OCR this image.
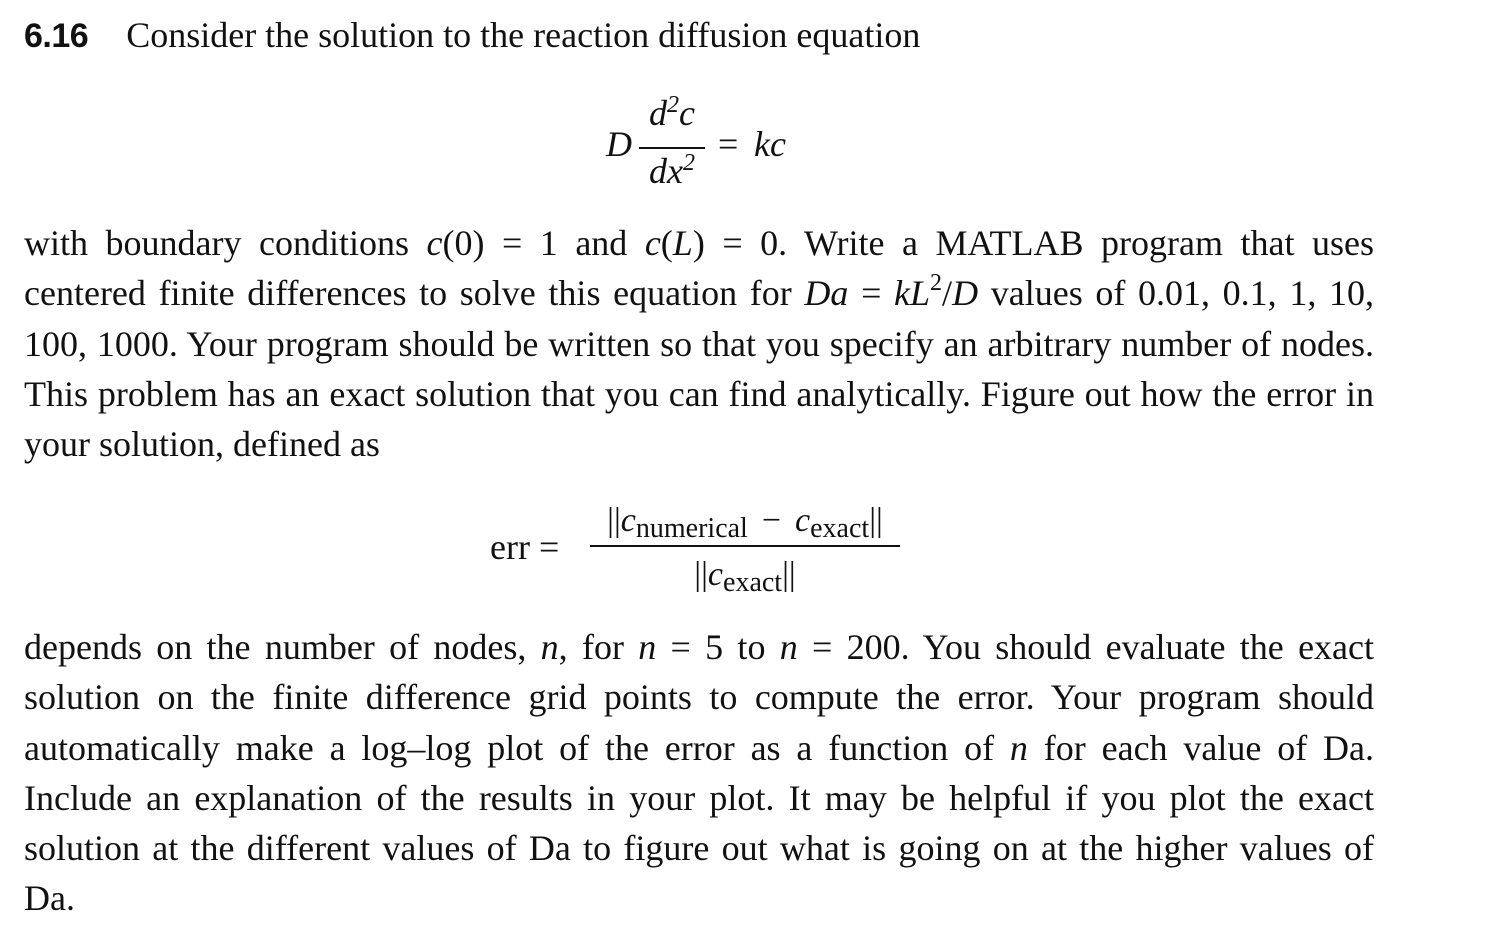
6.16 Consider the solution to the reaction diffusion equation
D
$d^2c$
$dx^2$ = kc

with boundary conditions c(0) = 1 and c(L) = 0. Write a MATLAB program that uses centered finite differences to solve this equation for $Da = kL^2/D$ values of 0.01, 0.1, 1, 10, 100, 1000. Your program should be written so that you specify an arbitrary number of nodes. This problem has an exact solution that you can find analytically. Figure out how the error in your solution, defined as

err =
$||c_{numerical} - c_{exact}||$
$||c_{exact}||$

depends on the number of nodes, n, for n = 5 to n = 200. You should evaluate the exact solution on the finite difference grid points to compute the error. Your program should automatically make a log–log plot of the error as a function of n for each value of Da. Include an explanation of the results in your plot. It may be helpful if you plot the exact solution at the different values of Da to figure out what is going on at the higher values of Da.
